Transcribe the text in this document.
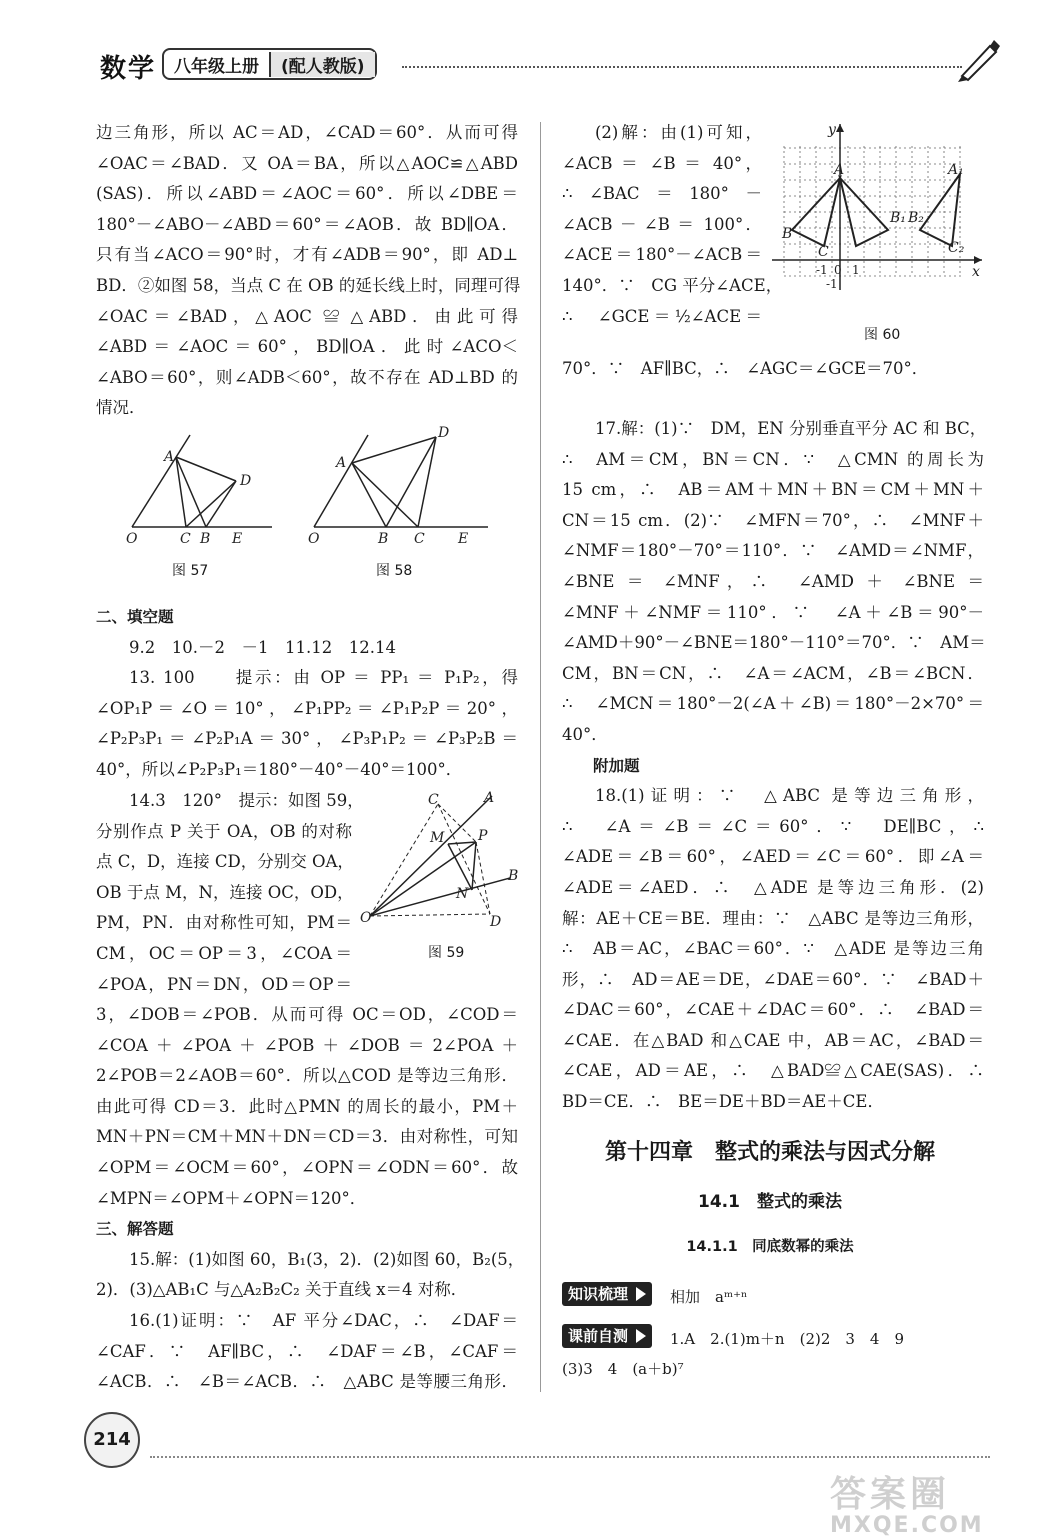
数学	八年级上册	(配人教版)

边三角形，所以 AC＝AD，∠CAD＝60°．从而可得

∠OAC＝∠BAD．又 OA＝BA，所以△AOC≌△ABD

(SAS)．所以∠ABD＝∠AOC＝60°．所以∠DBE＝

180°－∠ABO－∠ABD＝60°＝∠AOB．故 BD∥OA．

只有当∠ACO＝90°时，才有∠ADB＝90°，即 AD⊥

BD．②如图 58，当点 C 在 OB 的延长线上时，同理可得

∠OAC＝∠BAD，△AOC ≌ △ABD．由此可得

∠ABD＝∠AOC＝60°，BD∥OA．此时∠ACO＜

∠ABO＝60°，则∠ADB＜60°，故不存在 AD⊥BD 的

情况．

A
D
O	C B E
图 57
A
D
O	B C E
图 58

二、填空题

9.2　10.－2　－1　11.12　12.14

13. 100　　提示：由 OP ＝ PP₁ ＝ P₁P₂，得

∠OP₁P＝∠O＝10°，∠P₁PP₂＝∠P₁P₂P＝20°，

∠P₂P₃P₁＝∠P₂P₁A＝30°，∠P₃P₁P₂＝∠P₃P₂B＝

40°，所以∠P₂P₃P₁＝180°－40°－40°＝100°．

14.3　120°　提示：如图 59，

分别作点 P 关于 OA，OB 的对称

点 C，D，连接 CD，分别交 OA，

OB 于点 M，N，连接 OC，OD，

PM，PN．由对称性可知，PM＝

CM，OC＝OP＝3，∠COA＝

∠POA，PN＝DN，OD＝OP＝

C	A
M P
B
N
O	D
图 59

3，∠DOB＝∠POB．从而可得 OC＝OD，∠COD＝

∠COA＋∠POA＋∠POB＋∠DOB＝2∠POA＋

2∠POB＝2∠AOB＝60°．所以△COD 是等边三角形．

由此可得 CD＝3．此时△PMN 的周长的最小，PM＋

MN＋PN＝CM＋MN＋DN＝CD＝3．由对称性，可知

∠OPM＝∠OCM＝60°，∠OPN＝∠ODN＝60°．故

∠MPN＝∠OPM＋∠OPN＝120°．

三、解答题

15.解：(1)如图 60，B₁(3，2)．(2)如图 60，B₂(5，

2)．(3)△AB₁C 与△A₂B₂C₂ 关于直线 x＝4 对称．

16.(1)证明：∵　AF 平分∠DAC，∴　∠DAF＝

∠CAF．∵　AF∥BC，∴　∠DAF＝∠B，∠CAF＝

∠ACB．∴　∠B＝∠ACB．∴　△ABC 是等腰三角形．

(2)解：由(1)可知，

∠ACB ＝ ∠B ＝ 40°，

∴　∠BAC　＝　180°　－

∠ACB － ∠B ＝ 100°．

∠ACE＝180°－∠ACB＝

140°．∵　CG 平分∠ACE，

∴　∠GCE＝½∠ACE＝

y
x
A
B
C
A₁
B₁ B₂
C₂
-1 0 1
-1
图 60

70°．∵　AF∥BC，∴　∠AGC＝∠GCE＝70°．

17.解：(1)∵　DM，EN 分别垂直平分 AC 和 BC，

∴　AM＝CM，BN＝CN．∵　△CMN 的周长为

15 cm，∴　AB＝AM＋MN＋BN＝CM＋MN＋

CN＝15 cm．(2)∵　∠MFN＝70°，∴　∠MNF＋

∠NMF＝180°－70°＝110°．∵　∠AMD＝∠NMF，

∠BNE ＝ ∠MNF，∴　∠AMD ＋ ∠BNE ＝

∠MNF＋∠NMF＝110°．∵　∠A＋∠B＝90°－

∠AMD＋90°－∠BNE＝180°－110°＝70°．∵　AM＝

CM，BN＝CN，∴　∠A＝∠ACM，∠B＝∠BCN．

∴　∠MCN＝180°－2(∠A＋∠B)＝180°－2×70°＝

40°．

附加题

18.(1)证明：∵　△ABC 是等边三角形，

∴　∠A＝∠B＝∠C＝60°．∵　DE∥BC，∴

∠ADE＝∠B＝60°，∠AED＝∠C＝60°．即∠A＝

∠ADE＝∠AED．∴　△ADE 是等边三角形．(2)

解：AE＋CE＝BE．理由：∵　△ABC 是等边三角形，

∴　AB＝AC，∠BAC＝60°．∵　△ADE 是等边三角

形，∴　AD＝AE＝DE，∠DAE＝60°．∵　∠BAD＋

∠DAC＝60°，∠CAE＋∠DAC＝60°．∴　∠BAD＝

∠CAE．在△BAD 和△CAE 中，AB＝AC，∠BAD＝

∠CAE，AD＝AE，∴　△BAD≌△CAE(SAS)．∴

BD＝CE．∴　BE＝DE＋BD＝AE＋CE．

第十四章　整式的乘法与因式分解
14.1　整式的乘法
14.1.1　同底数幂的乘法
知识梳理	相加　aᵐ⁺ⁿ
课前自测	1.A　2.(1)m＋n　(2)2　3　4　9
(3)3　4　(a＋b)⁷
214
答案圈
MXQE.COM
